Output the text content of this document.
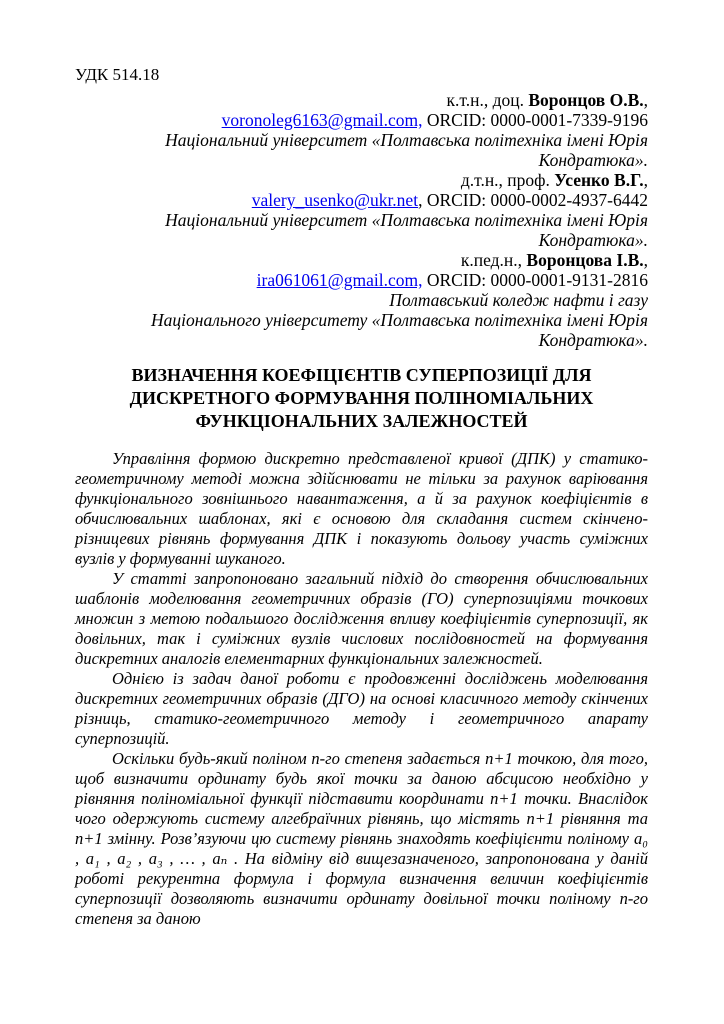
УДК 514.18
к.т.н., доц. Воронцов О.В.,
voronoleg6163@gmail.com, ORCID: 0000-0001-7339-9196
Національний університет «Полтавська політехніка імені Юрія
Кондратюка».
д.т.н., проф. Усенко В.Г.,
valery_usenko@ukr.net, ORCID: 0000-0002-4937-6442
Національний університет «Полтавська політехніка імені Юрія
Кондратюка».
к.пед.н., Воронцова І.В.,
ira061061@gmail.com, ORCID: 0000-0001-9131-2816
Полтавський коледж нафти і газу
Національного університету «Полтавська політехніка імені Юрія
Кондратюка».
ВИЗНАЧЕННЯ КОЕФІЦІЄНТІВ СУПЕРПОЗИЦІЇ ДЛЯ
ДИСКРЕТНОГО ФОРМУВАННЯ ПОЛІНОМІАЛЬНИХ
ФУНКЦІОНАЛЬНИХ ЗАЛЕЖНОСТЕЙ

Управління формою дискретно представленої кривої (ДПК) у статико-геометричному методі можна здійснювати не тільки за рахунок варіювання функціонального зовнішнього навантаження, а й за рахунок коефіцієнтів в обчислювальних шаблонах, які є основою для складання систем скінчено-різницевих рівнянь формування ДПК і показують дольову участь суміжних вузлів у формуванні шуканого.

У статті запропоновано загальний підхід до створення обчислювальних шаблонів моделювання геометричних образів (ГО) суперпозиціями точкових множин з метою подальшого дослідження впливу коефіцієнтів суперпозиції, як довільних, так і суміжних вузлів числових послідовностей на формування дискретних аналогів елементарних функціональних залежностей.

Однією із задач даної роботи є продовженні досліджень моделювання дискретних геометричних образів (ДГО) на основі класичного методу скінчених різниць, статико-геометричного методу і геометричного апарату суперпозицій.

Оскільки будь-який поліном n-го степеня задається n+1 точкою, для того, щоб визначити ординату будь якої точки за даною абсцисою необхідно у рівняння поліноміальної функції підставити координати n+1 точки. Внаслідок чого одержують систему алгебраїчних рівнянь, що містять n+1 рівняння та n+1 змінну. Розв’язуючи цю систему рівнянь знаходять коефіцієнти поліному a₀ , a₁ , a₂ , a₃ , … , aₙ . На відміну від вищезазначеного, запропонована у даній роботі рекурентна формула і формула визначення величин коефіцієнтів суперпозиції дозволяють визначити ординату довільної точки поліному n-го степеня за даною
